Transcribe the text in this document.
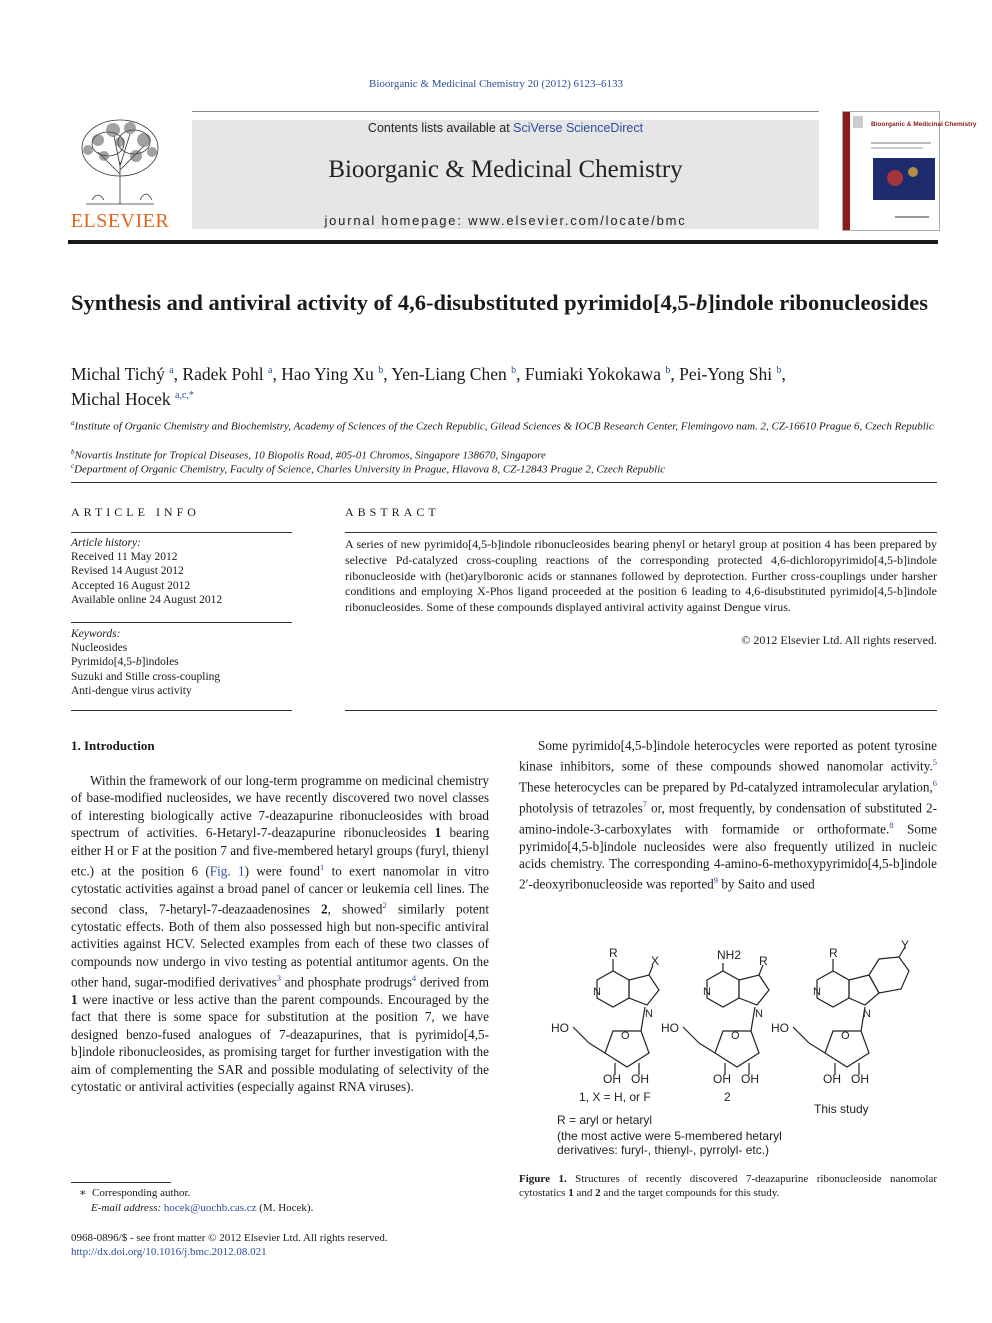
Bioorganic & Medicinal Chemistry 20 (2012) 6123–6133
ELSEVIER
Contents lists available at SciVerse ScienceDirect
Bioorganic & Medicinal Chemistry
journal homepage: www.elsevier.com/locate/bmc
Bioorganic & Medicinal Chemistry
Synthesis and antiviral activity of 4,6-disubstituted pyrimido[4,5-b]indole ribonucleosides
Michal Tichý $^a$, Radek Pohl $^a$, Hao Ying Xu $^b$, Yen-Liang Chen $^b$, Fumiaki Yokokawa $^b$, Pei-Yong Shi $^b$,
Michal Hocek $^{a,c,*}$
$^a$Institute of Organic Chemistry and Biochemistry, Academy of Sciences of the Czech Republic, Gilead Sciences & IOCB Research Center, Flemingovo nam. 2, CZ-16610 Prague 6, Czech Republic
$^b$Novartis Institute for Tropical Diseases, 10 Biopolis Road, #05-01 Chromos, Singapore 138670, Singapore
$^c$Department of Organic Chemistry, Faculty of Science, Charles University in Prague, Hlavova 8, CZ-12843 Prague 2, Czech Republic
ARTICLE INFO
Article history:
Received 11 May 2012
Revised 14 August 2012
Accepted 16 August 2012
Available online 24 August 2012
Keywords:
Nucleosides
Pyrimido[4,5-b]indoles
Suzuki and Stille cross-coupling
Anti-dengue virus activity
ABSTRACT
A series of new pyrimido[4,5-b]indole ribonucleosides bearing phenyl or hetaryl group at position 4 has been prepared by selective Pd-catalyzed cross-coupling reactions of the corresponding protected 4,6-dichloropyrimido[4,5-b]indole ribonucleoside with (het)arylboronic acids or stannanes followed by deprotection. Further cross-couplings under harsher conditions and employing X-Phos ligand proceeded at the position 6 leading to 4,6-disubstituted pyrimido[4,5-b]indole ribonucleosides. Some of these compounds displayed antiviral activity against Dengue virus.
© 2012 Elsevier Ltd. All rights reserved.
1. Introduction

Within the framework of our long-term programme on medicinal chemistry of base-modified nucleosides, we have recently discovered two novel classes of interesting biologically active 7-deazapurine ribonucleosides with broad spectrum of activities. 6-Hetaryl-7-deazapurine ribonucleosides 1 bearing either H or F at the position 7 and five-membered hetaryl groups (furyl, thienyl etc.) at the position 6 (Fig. 1) were found$^1$ to exert nanomolar in vitro cytostatic activities against a broad panel of cancer or leukemia cell lines. The second class, 7-hetaryl-7-deazaadenosines 2, showed$^2$ similarly potent cytostatic effects. Both of them also possessed high but non-specific antiviral activities against HCV. Selected examples from each of these two classes of compounds now undergo in vivo testing as potential antitumor agents. On the other hand, sugar-modified derivatives$^3$ and phosphate prodrugs$^4$ derived from 1 were inactive or less active than the parent compounds. Encouraged by the fact that there is some space for substitution at the position 7, we have designed benzo-fused analogues of 7-deazapurines, that is pyrimido[4,5-b]indole ribonucleosides, as promising target for further investigation with the aim of complementing the SAR and possible modulating of selectivity of the cytostatic or antiviral activities (especially against RNA viruses).

Some pyrimido[4,5-b]indole heterocycles were reported as potent tyrosine kinase inhibitors, some of these compounds showed nanomolar activity.$^5$ These heterocycles can be prepared by Pd-catalyzed intramolecular arylation,$^6$ photolysis of tetrazoles$^7$ or, most frequently, by condensation of substituted 2-amino-indole-3-carboxylates with formamide or orthoformate.$^8$ Some pyrimido[4,5-b]indole nucleosides were also frequently utilized in nucleic acids chemistry. The corresponding 4-amino-6-methoxypyrimido[4,5-b]indole 2′-deoxyribonucleoside was reported$^9$ by Saito and used

R
X
N
N
O
HO
OH OH
NH2 R
N
N
O
HO
OH OH
R
Y
N
N
O
HO
OH OH
1, X = H, or F	2
This study
R = aryl or hetaryl
(the most active were 5-membered hetaryl
derivatives: furyl-, thienyl-, pyrrolyl- etc.)
Figure 1. Structures of recently discovered 7-deazapurine ribonucleoside nanomolar cytostatics 1 and 2 and the target compounds for this study.
∗  Corresponding author.
E-mail address: hocek@uochb.cas.cz (M. Hocek).
0968-0896/$ - see front matter © 2012 Elsevier Ltd. All rights reserved.
http://dx.doi.org/10.1016/j.bmc.2012.08.021
